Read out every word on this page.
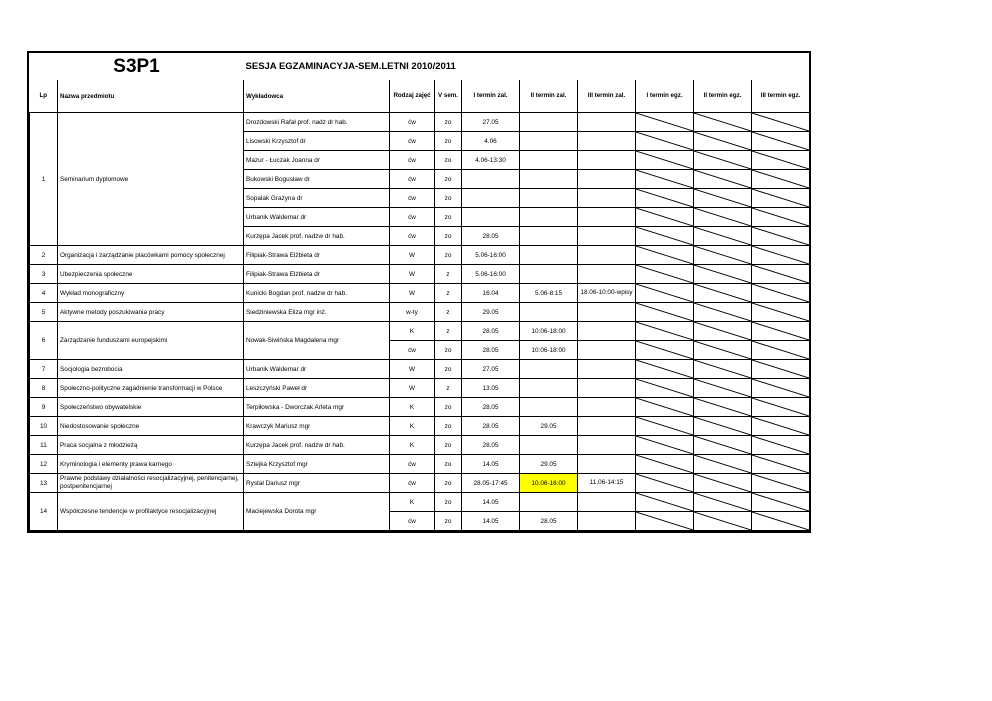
S3P1		SESJA EGZAMINACYJA-SEM.LETNI 2010/2011								
Lp	Nazwa przedmiotu	Wykładowca	Rodzaj zajęć	V sem.	I termin zal.	II termin zal.	III termin zal.	I termin egz.	II termin egz.	III termin egz.
1	Seminarium dyplomowe	Drozdowski Rafał prof. nadz dr hab.	ćw	zo	27.05			

		Lisowski Krzysztof dr	ćw	zo	4.06			

		Mazur - Łuczak Joanna dr	ćw	zo	4.06-13:30			

		Bukowski Bogusław dr	ćw	zo				

		Sopalak Grażyna dr	ćw	zo				

		Urbanik Waldemar dr	ćw	zo				

		Kurzępa Jacek prof. nadzw dr hab.	ćw	zo	28.05			

2	Organizacja i zarządzanie placówkami pomocy społecznej	Filipiak-Strawa Elżbieta dr	W	zo	5.06-16:00			

3	Ubezpieczenia społeczne	Filipiak-Strawa Elżbieta dr	W	z	5.06-16:00			

4	Wykład monograficzny	Kunicki Bogdan prof. nadzw dr hab.	W	z	16.04	5.06-8:15	18.06-10:00-wpisy	

5	Aktywne metody poszukiwania pracy	Siedziniewska Eliza mgr inż.	w-ty	z	29.05			

6	Zarządzanie funduszami europejskimi	Nowak-Siwińska Magdalena mgr	K	z	28.05	10:06-18:00		

			ćw	zo	28.05	10:06-18:00		

7	Socjologia bezrobocia	Urbanik Waldemar dr	W	zo	27.05			

8	Społeczno-polityczne zagadnienie transformacji w Polsce	Leszczyński Paweł dr	W	z	13.05			

9	Społeczeństwo obywatelskie	Terpiłowska - Dworczak Arleta mgr	K	zo	28.05			

10	Niedostosowanie społeczne	Krawczyk Mariusz mgr	K	zo	28.05	29.05		

11	Praca socjalna z młodzieżą	Kurzępa Jacek prof. nadzw dr hab.	K	zo	28.05			

12	Kryminologia i elementy prawa karnego	Sztejka Krzysztof mgr	ćw	zo	14.05	29.05		

13	Prawne podstawy działalności resocjalizacyjnej, penitencjarnej, postpenitencjarnej	Rystał Dariusz mgr	ćw	zo	28.05-17:45	10.06-16:00	11.06-14:15	

14	Współczesne tendencje w profilaktyce resocjalizacyjnej	Maciejewska Dorota mgr	K	zo	14.05			

			ćw	zo	14.05	28.05		
